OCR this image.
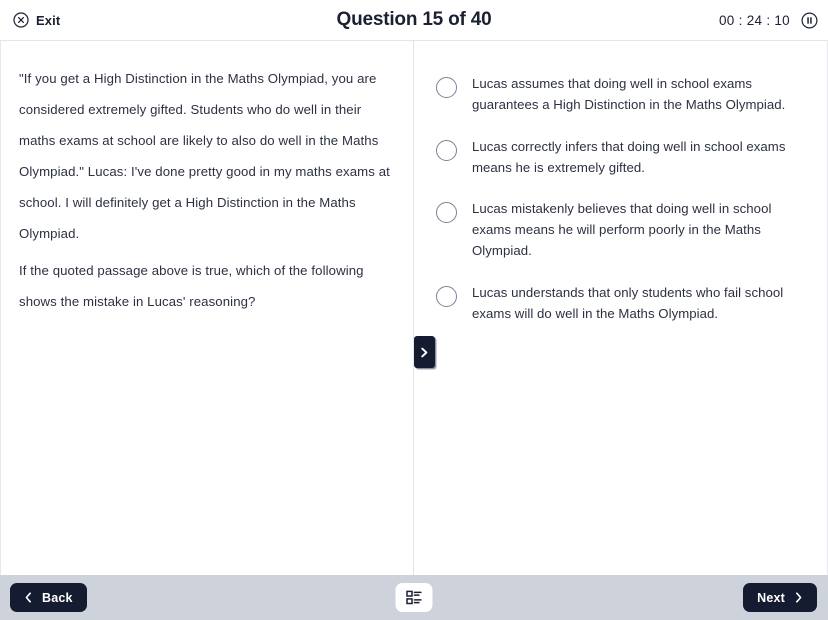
Exit	Question 15 of 40	00 : 24 : 10

"If you get a High Distinction in the Maths Olympiad, you are considered extremely gifted. Students who do well in their maths exams at school are likely to also do well in the Maths Olympiad." Lucas: I've done pretty good in my maths exams at school. I will definitely get a High Distinction in the Maths Olympiad.

If the quoted passage above is true, which of the following shows the mistake in Lucas' reasoning?

Lucas assumes that doing well in school exams guarantees a High Distinction in the Maths Olympiad.
Lucas correctly infers that doing well in school exams means he is extremely gifted.
Lucas mistakenly believes that doing well in school exams means he will perform poorly in the Maths Olympiad.
Lucas understands that only students who fail school exams will do well in the Maths Olympiad.
Back	Next
